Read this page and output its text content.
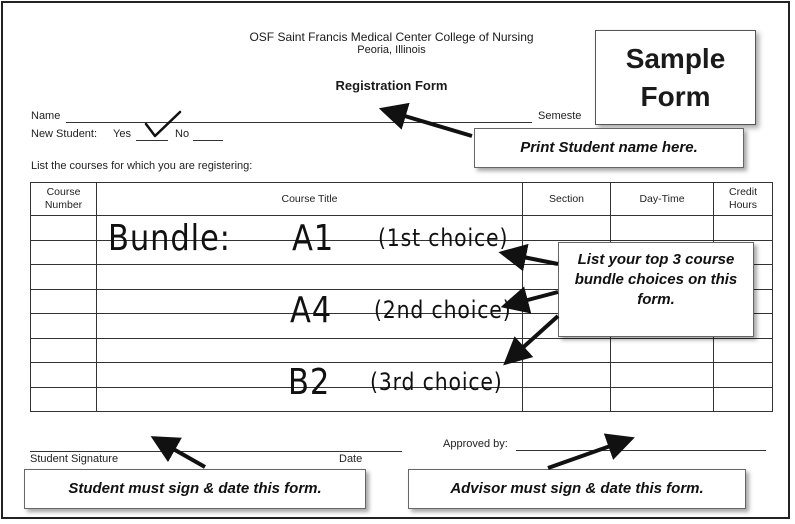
OSF Saint Francis Medical Center College of Nursing
Peoria, Illinois
Registration Form
Sample
Form
Name	Semeste
New Student: Yes	No
List the courses for which you are registering:
Course
Number	Course Title	Section	Day-Time	Credit
Hours

Bundle: A1 (1st choice)
A4 (2nd choice)
B2 (3rd choice)
Student Signature	Date
Approved by:
Print Student name here.
List your top 3 course bundle choices on this form.
Student must sign & date this form.	Advisor must sign & date this form.
